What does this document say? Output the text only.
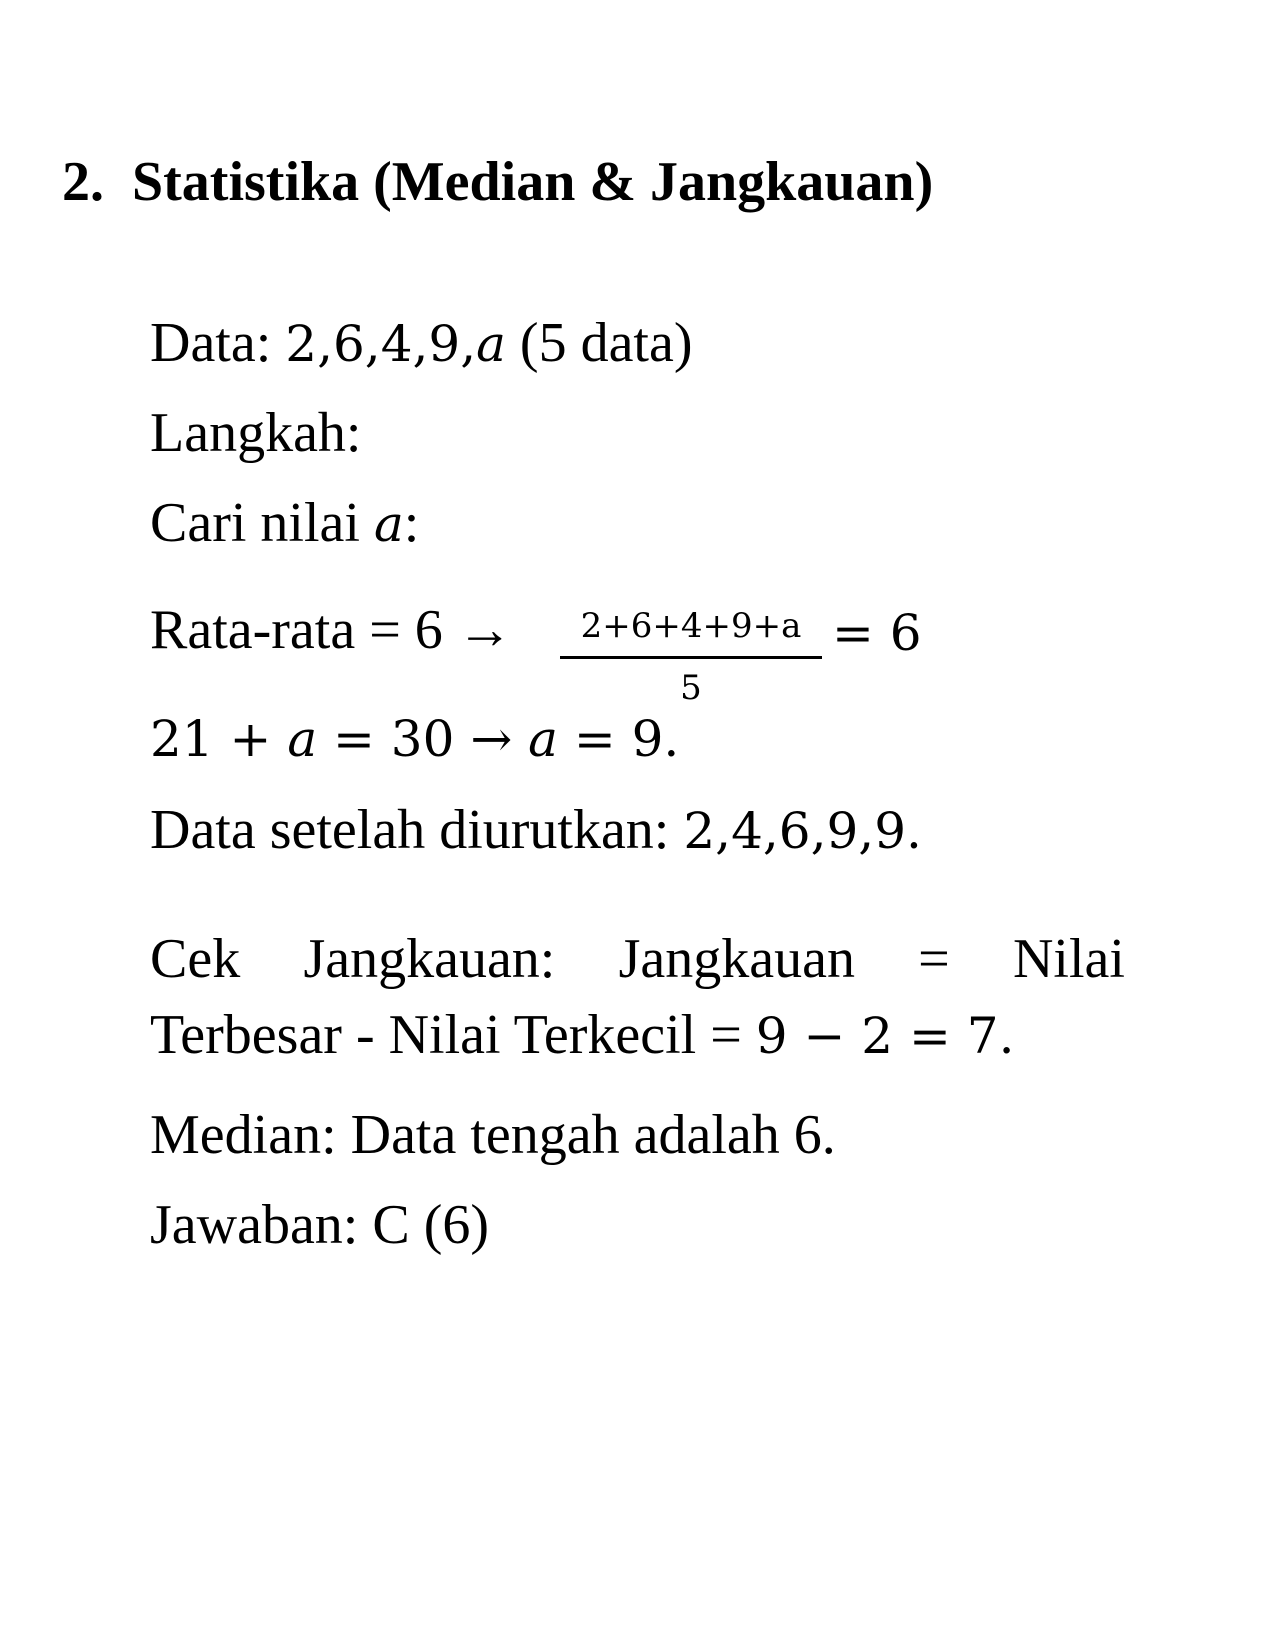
2. Statistika (Median & Jangkauan)
Data: 2,6,4,9,a (5 data)
Langkah:
Cari nilai a:
Rata-rata = 6 →	2+6+4+9+a
5
= 6
21 + a = 30 → a = 9.
Data setelah diurutkan: 2,4,6,9,9.
Cek Jangkauan: Jangkauan = Nilai
Terbesar - Nilai Terkecil = 9 − 2 = 7.
Median: Data tengah adalah 6.
Jawaban: C (6)
